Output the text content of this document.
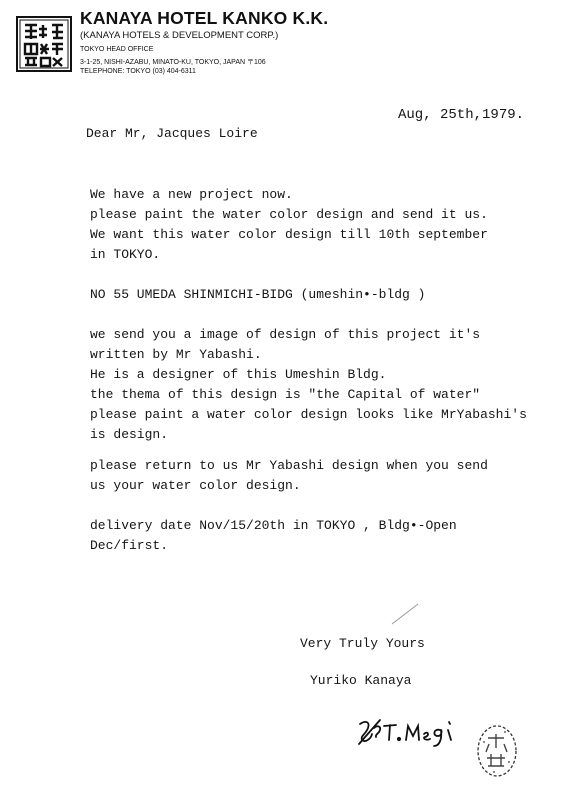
KANAYA HOTEL KANKO K.K.
(KANAYA HOTELS & DEVELOPMENT CORP.)
TOKYO HEAD OFFICE
3-1-25, NISHI-AZABU, MINATO-KU, TOKYO, JAPAN 〒106
TELEPHONE: TOKYO (03) 404-6311
Aug, 25th,1979.
Dear Mr, Jacques Loire
We have a new project now.
please paint the water color design and send it us.
We want this water color design till 10th september
in TOKYO.
NO 55 UMEDA SHINMICHI-BIDG (umeshin•-bldg )
we send you a image of design of this project it's
written by Mr Yabashi.
He is a designer of this Umeshin Bldg.
the thema of this design is "the Capital of water"
please paint a water color design looks like MrYabashi's
is design.
please return to us Mr Yabashi design when you send
us your water color design.
delivery date Nov/15/20th in TOKYO , Bldg•-Open
Dec/first.
Very Truly Yours
Yuriko Kanaya
